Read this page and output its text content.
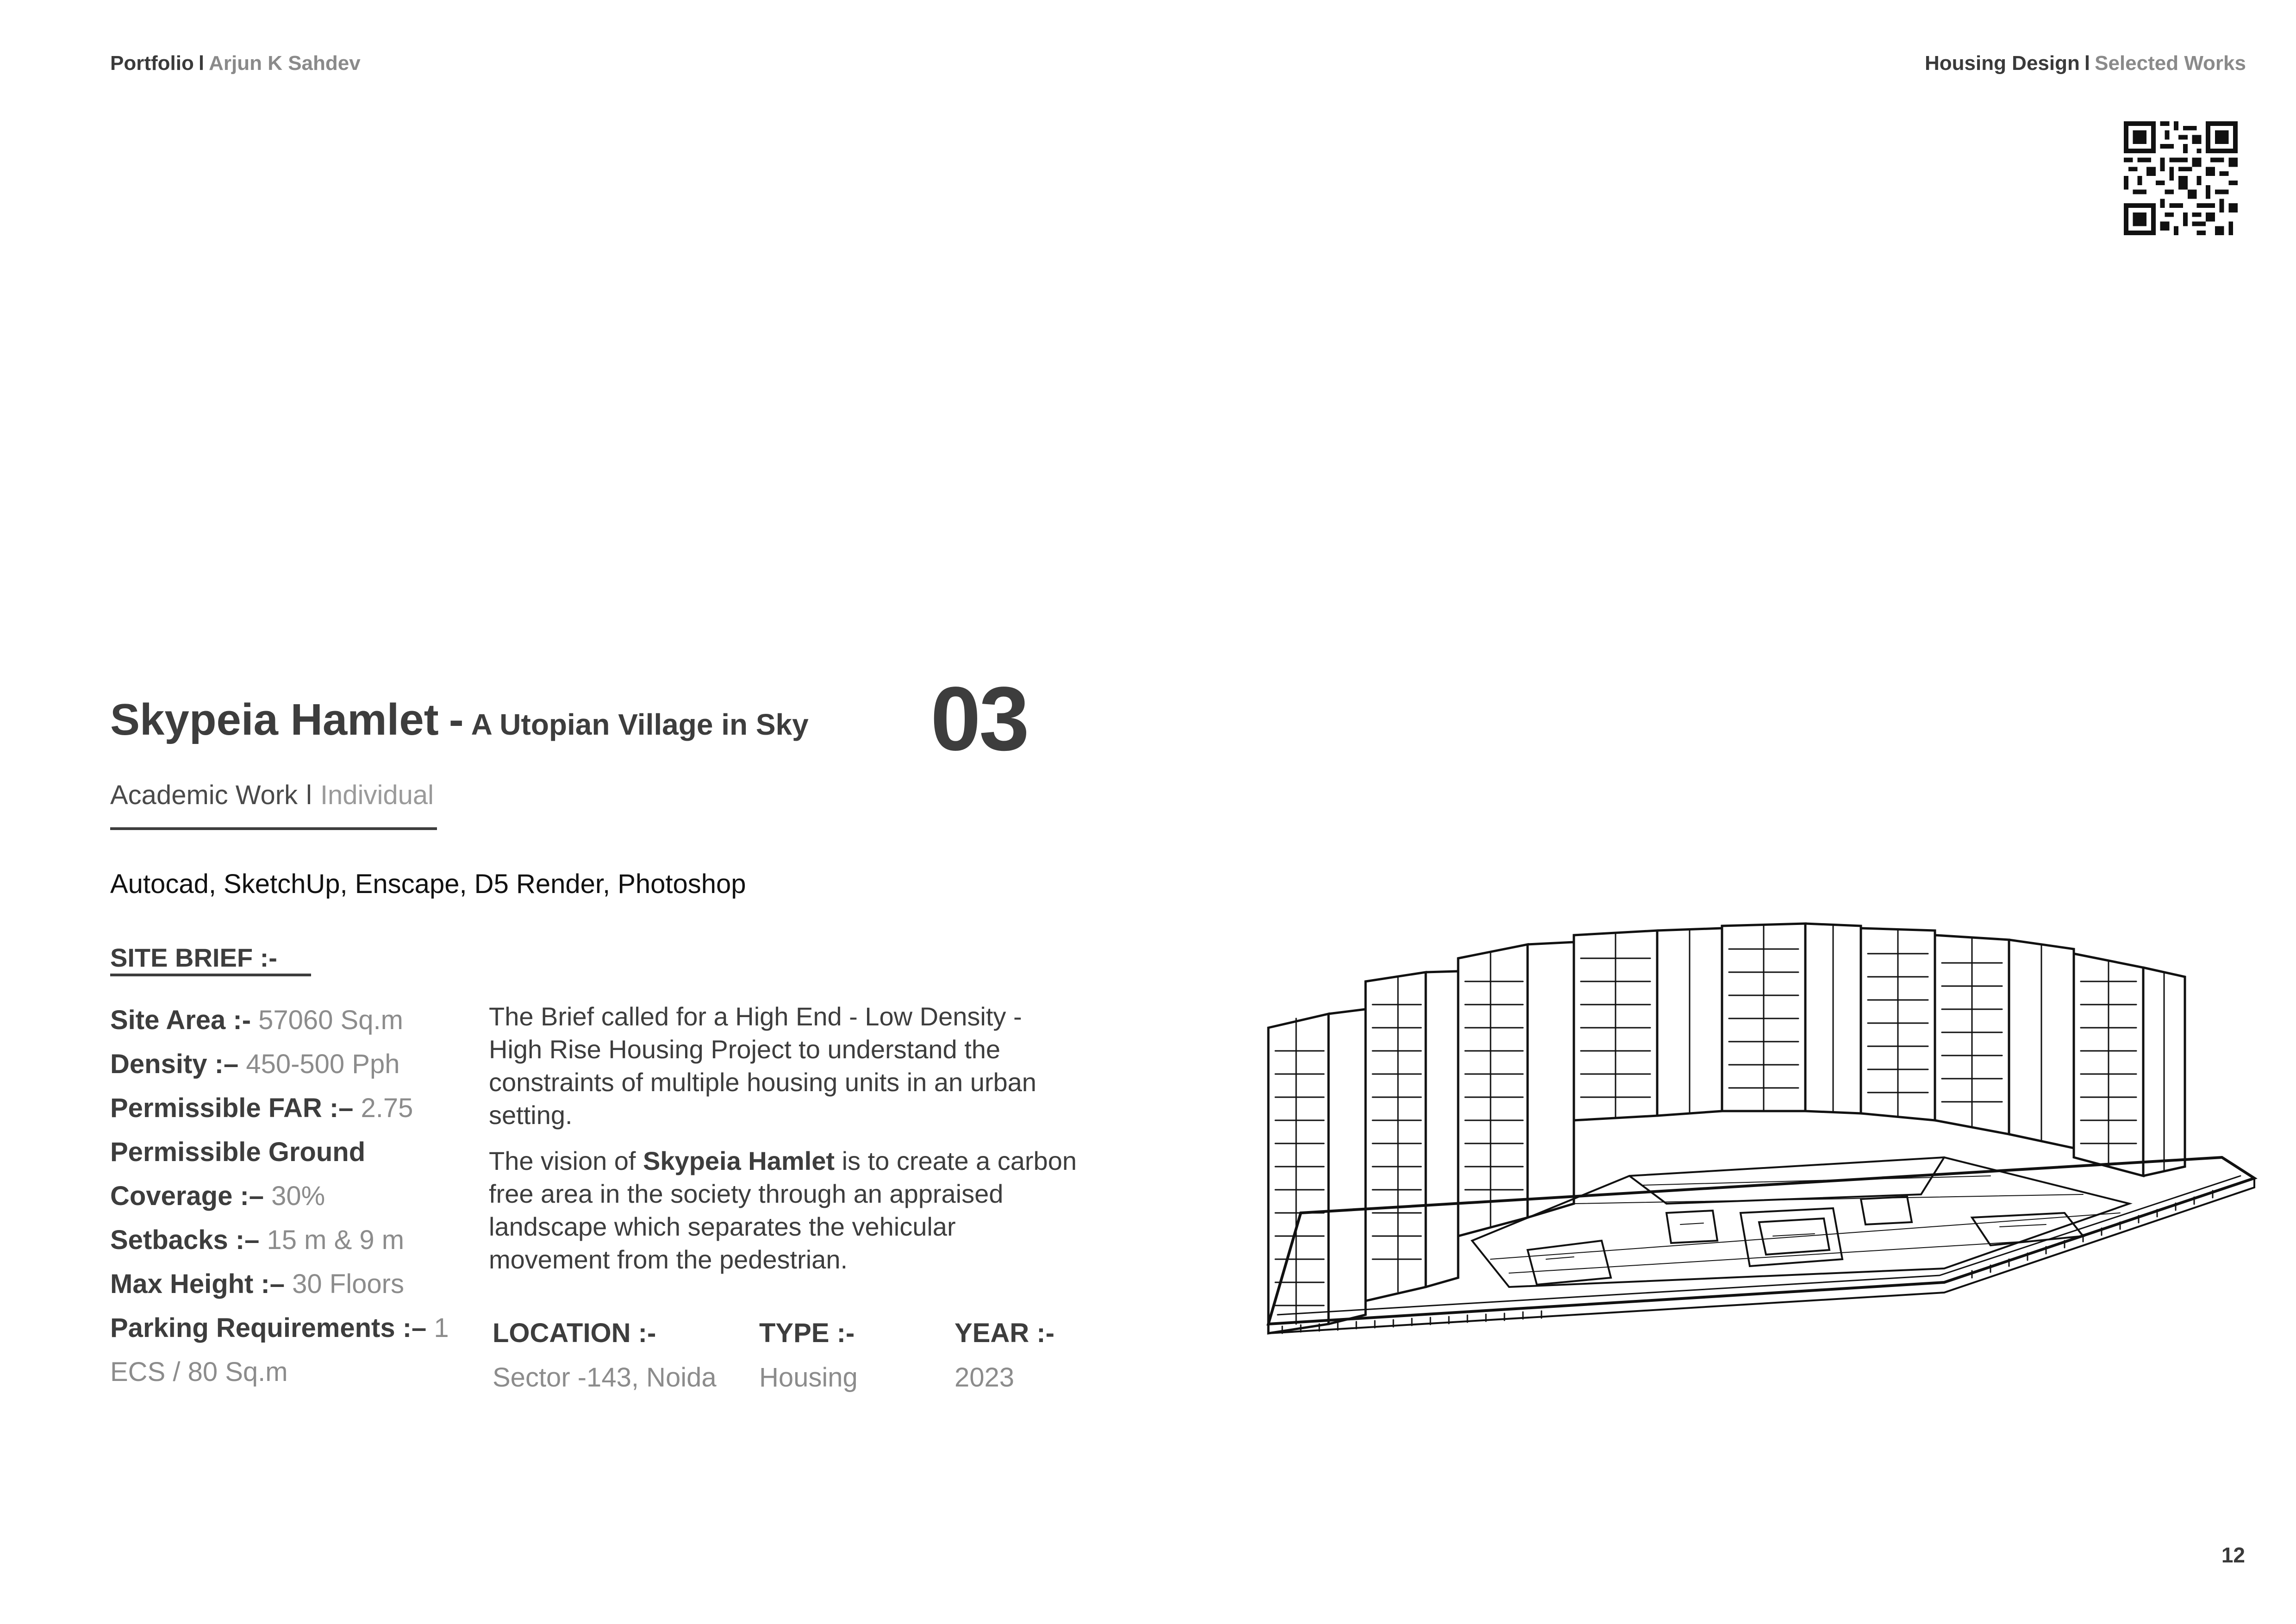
Portfolio l Arjun K Sahdev	Housing Design l Selected Works
Skypeia Hamlet - A Utopian Village in Sky 03
Academic Work l Individual
Autocad, SketchUp, Enscape, D5 Render, Photoshop
SITE BRIEF :-
Site Area :- 57060 Sq.m
Density :– 450-500 Pph
Permissible FAR :– 2.75
Permissible Ground
Coverage :– 30%
Setbacks :– 15 m & 9 m
Max Height :– 30 Floors
Parking Requirements :– 1
ECS / 80 Sq.m

The Brief called for a High End - Low Density - High Rise Housing Project to understand the constraints of multiple housing units in an urban setting.

The vision of Skypeia Hamlet is to create a carbon free area in the society through an appraised landscape which separates the vehicular movement from the pedestrian.

LOCATION :-
Sector -143, Noida
TYPE :-
Housing
YEAR :-
2023
12
